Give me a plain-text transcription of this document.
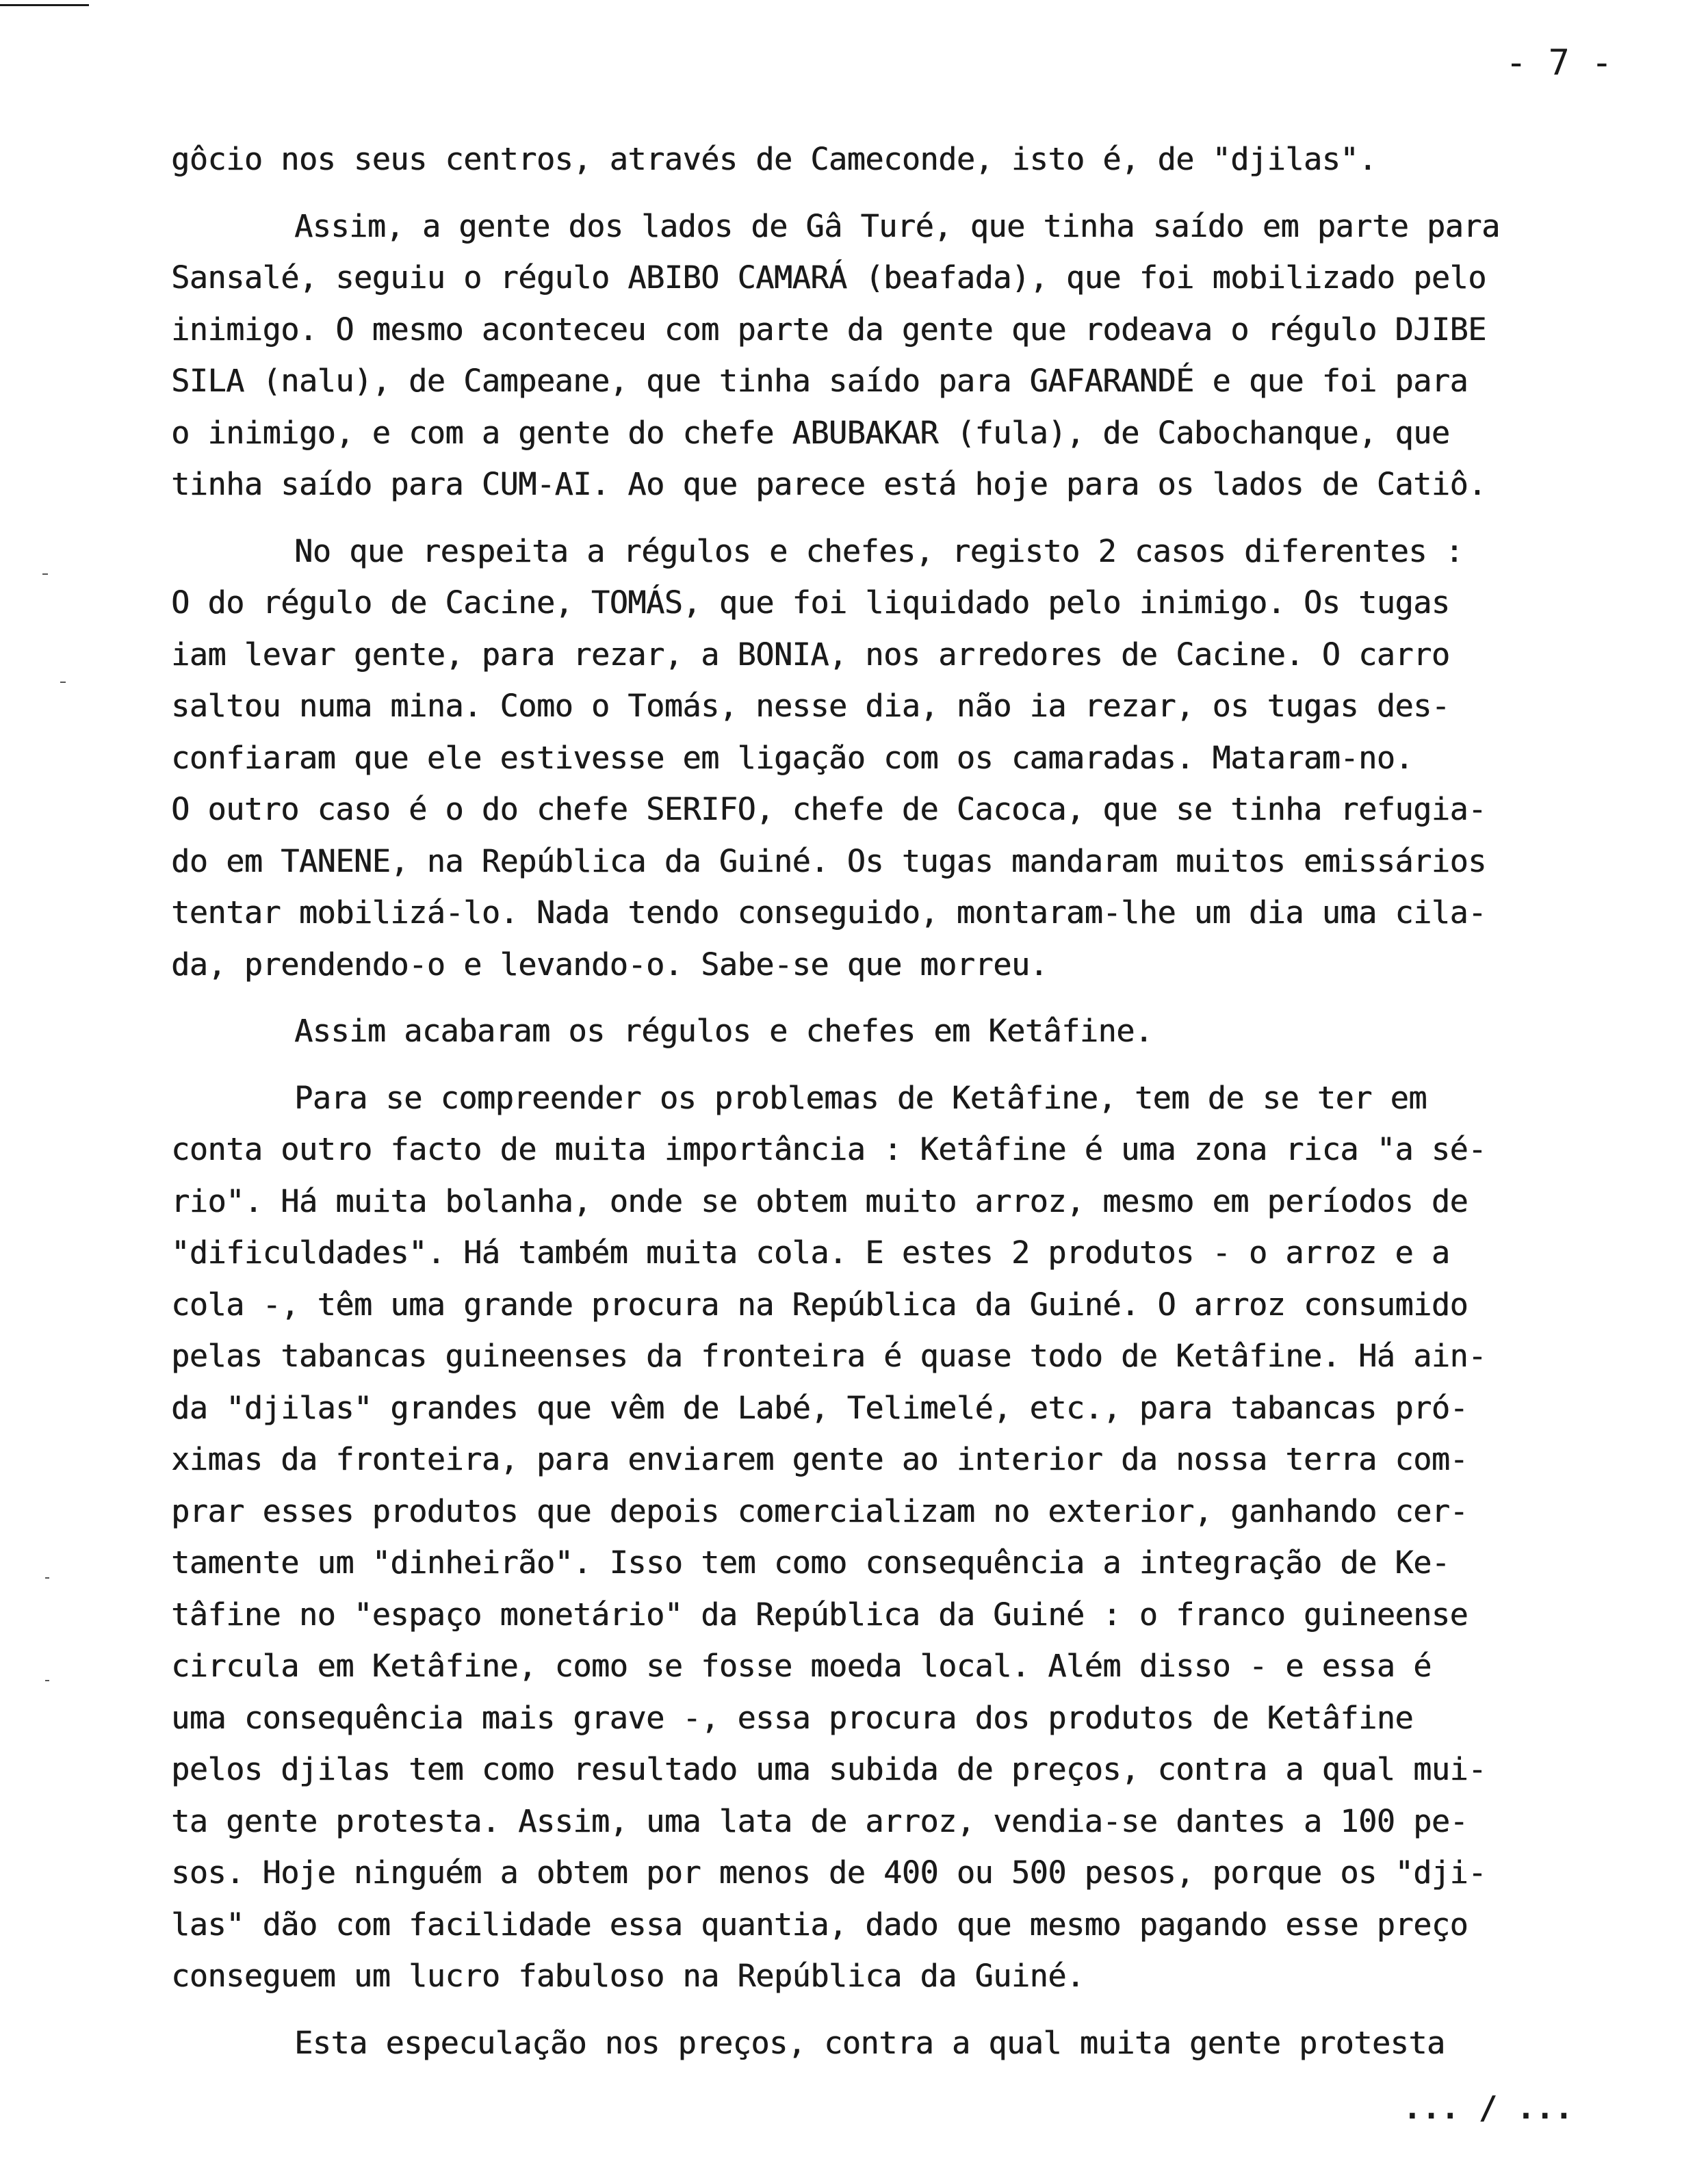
- 7 -
gôcio nos seus centros, através de Cameconde, isto é, de "djilas".
Assim, a gente dos lados de Gâ Turé, que tinha saído em parte para
Sansalé, seguiu o régulo ABIBO CAMARÁ (beafada), que foi mobilizado pelo
inimigo. O mesmo aconteceu com parte da gente que rodeava o régulo DJIBE
SILA (nalu), de Campeane, que tinha saído para GAFARANDÉ e que foi para
o inimigo, e com a gente do chefe ABUBAKAR (fula), de Cabochanque, que
tinha saído para CUM-AI. Ao que parece está hoje para os lados de Catiô.
No que respeita a régulos e chefes, registo 2 casos diferentes :
O do régulo de Cacine, TOMÁS, que foi liquidado pelo inimigo. Os tugas
iam levar gente, para rezar, a BONIA, nos arredores de Cacine. O carro
saltou numa mina. Como o Tomás, nesse dia, não ia rezar, os tugas des-
confiaram que ele estivesse em ligação com os camaradas. Mataram-no.
O outro caso é o do chefe SERIFO, chefe de Cacoca, que se tinha refugia-
do em TANENE, na República da Guiné. Os tugas mandaram muitos emissários
tentar mobilizá-lo. Nada tendo conseguido, montaram-lhe um dia uma cila-
da, prendendo-o e levando-o. Sabe-se que morreu.
Assim acabaram os régulos e chefes em Ketâfine.
Para se compreender os problemas de Ketâfine, tem de se ter em
conta outro facto de muita importância : Ketâfine é uma zona rica "a sé-
rio". Há muita bolanha, onde se obtem muito arroz, mesmo em períodos de
"dificuldades". Há também muita cola. E estes 2 produtos - o arroz e a
cola -, têm uma grande procura na República da Guiné. O arroz consumido
pelas tabancas guineenses da fronteira é quase todo de Ketâfine. Há ain-
da "djilas" grandes que vêm de Labé, Telimelé, etc., para tabancas pró-
ximas da fronteira, para enviarem gente ao interior da nossa terra com-
prar esses produtos que depois comercializam no exterior, ganhando cer-
tamente um "dinheirão". Isso tem como consequência a integração de Ke-
tâfine no "espaço monetário" da República da Guiné : o franco guineense
circula em Ketâfine, como se fosse moeda local. Além disso - e essa é
uma consequência mais grave -, essa procura dos produtos de Ketâfine
pelos djilas tem como resultado uma subida de preços, contra a qual mui-
ta gente protesta. Assim, uma lata de arroz, vendia-se dantes a 100 pe-
sos. Hoje ninguém a obtem por menos de 400 ou 500 pesos, porque os "dji-
las" dão com facilidade essa quantia, dado que mesmo pagando esse preço
conseguem um lucro fabuloso na República da Guiné.
Esta especulação nos preços, contra a qual muita gente protesta
... / ...
